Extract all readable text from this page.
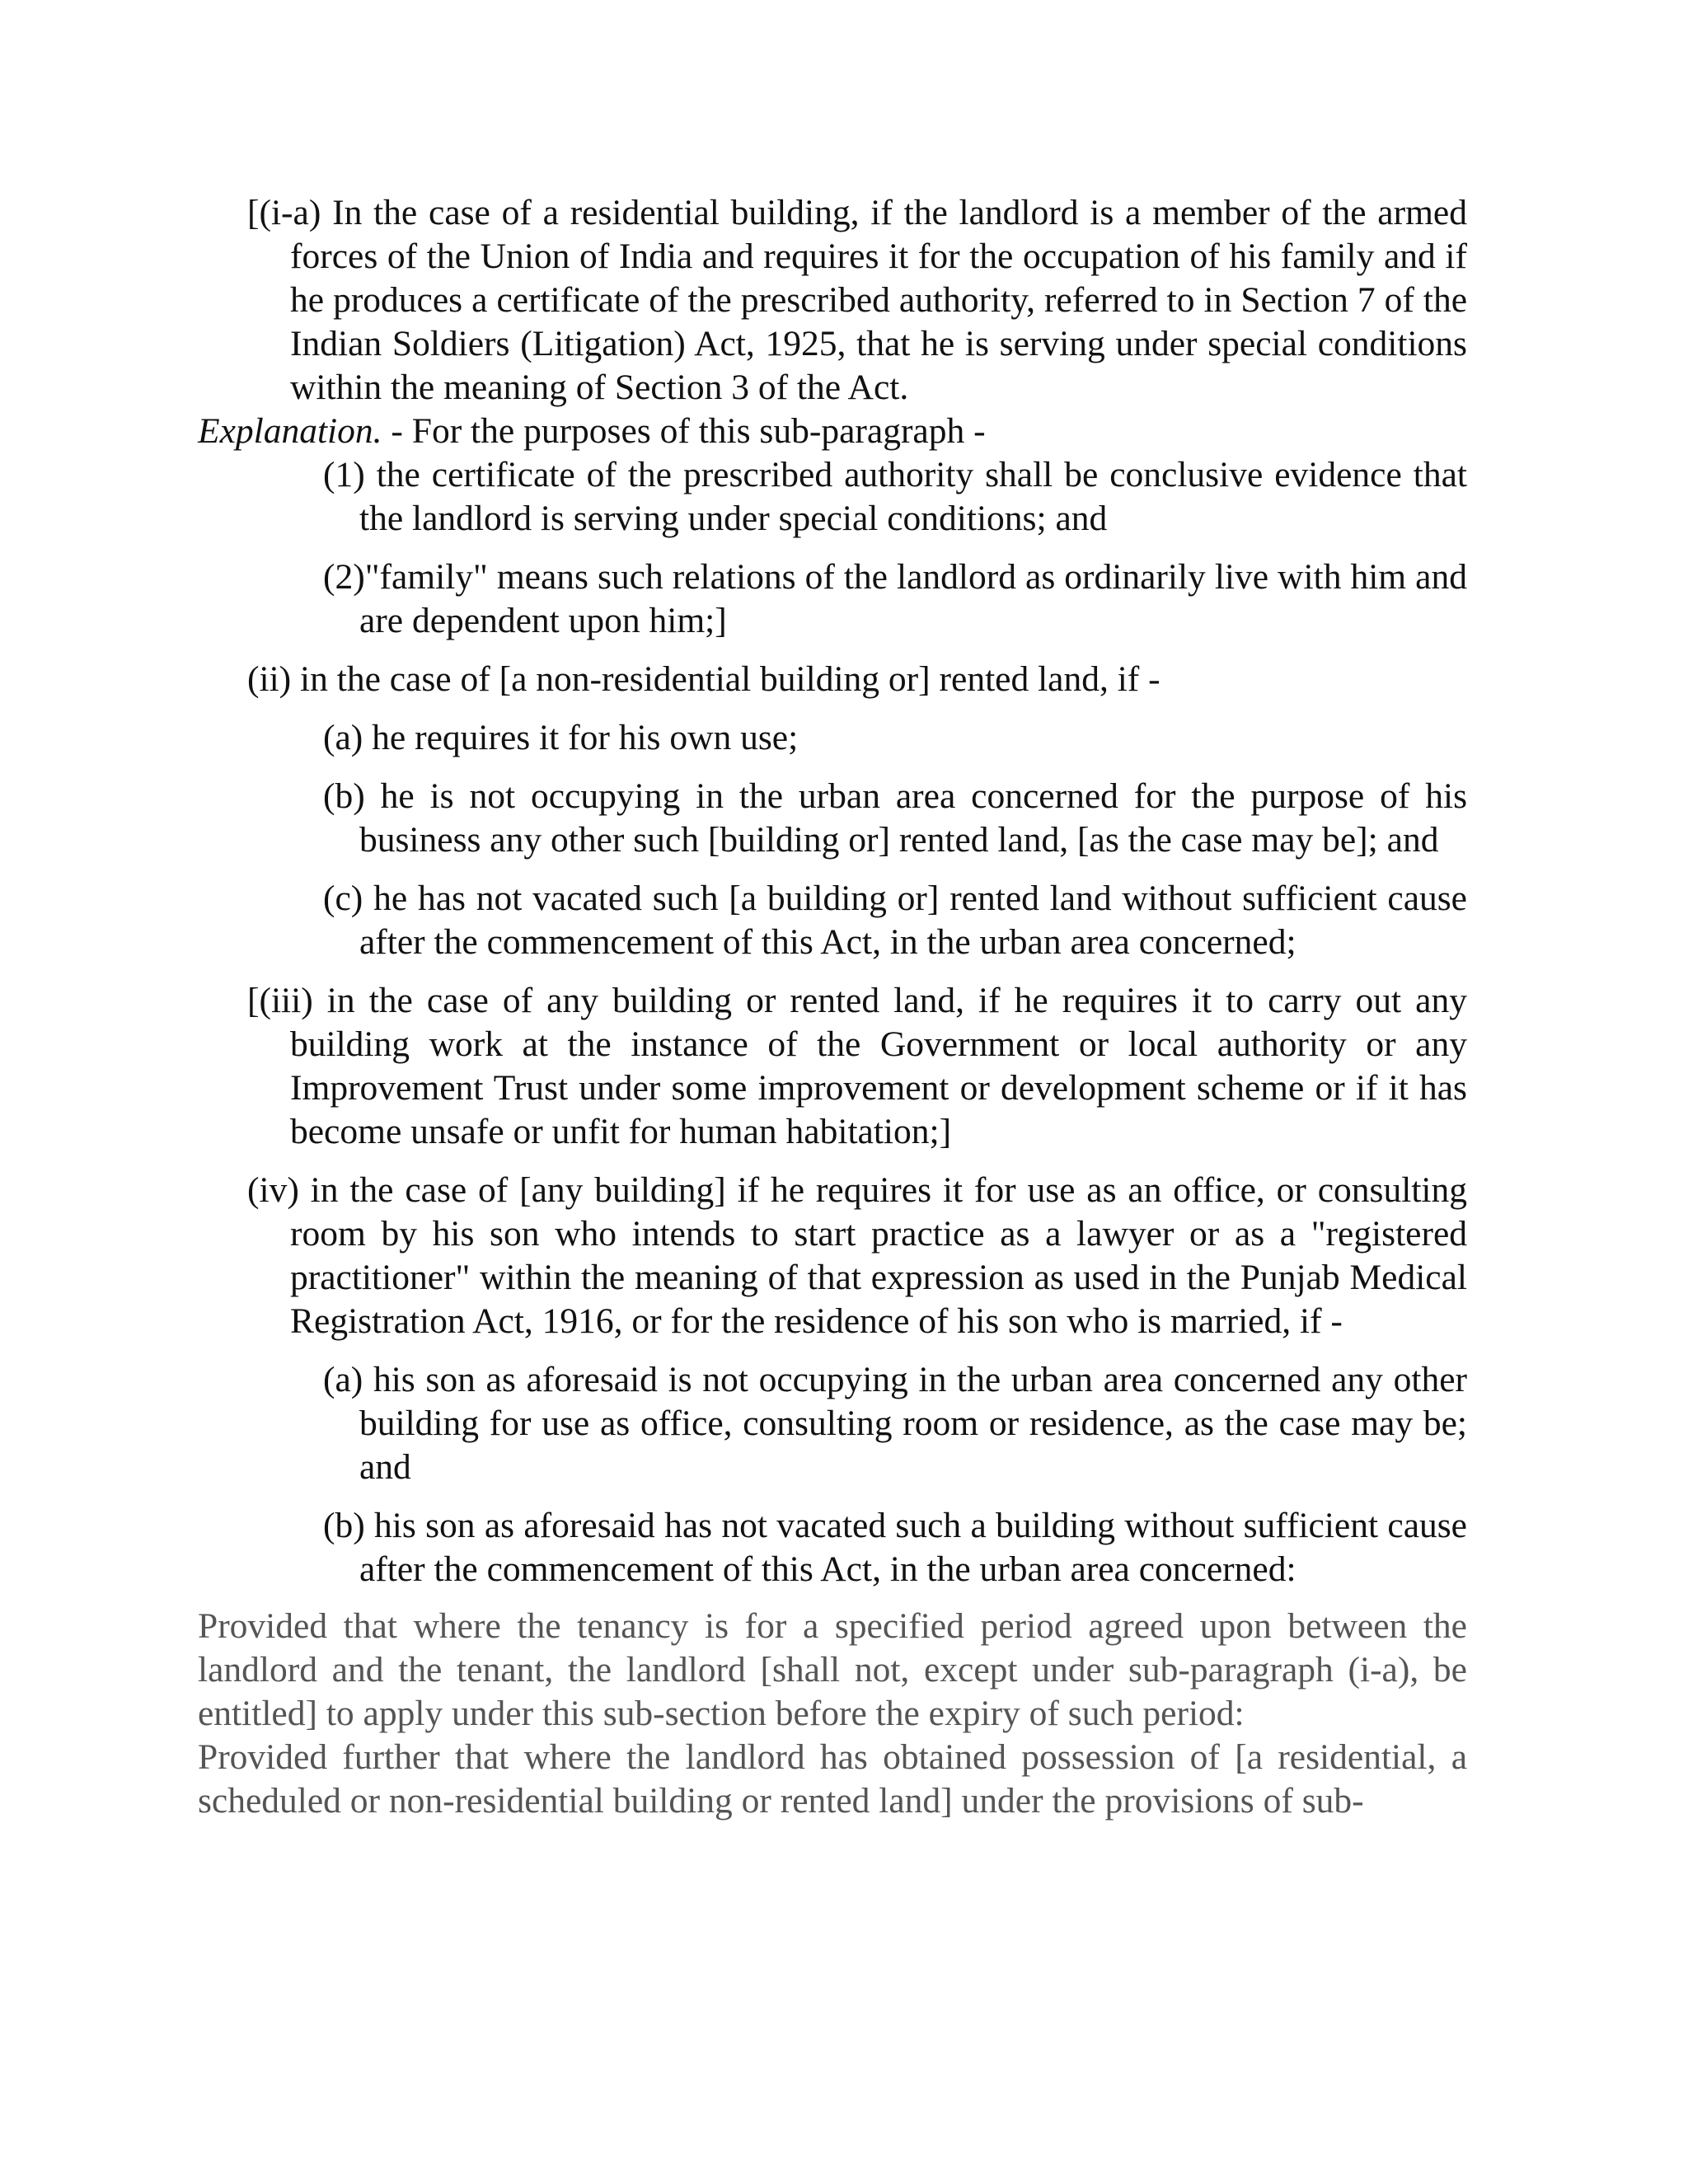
[(i-a) In the case of a residential building, if the landlord is a member of the armed forces of the Union of India and requires it for the occupation of his family and if he produces a certificate of the prescribed authority, referred to in Section 7 of the Indian Soldiers (Litigation) Act, 1925, that he is serving under special conditions within the meaning of Section 3 of the Act.

Explanation. - For the purposes of this sub-paragraph -

(1) the certificate of the prescribed authority shall be conclusive evidence that the landlord is serving under special conditions; and

(2)"family" means such relations of the landlord as ordinarily live with him and are dependent upon him;]

(ii) in the case of [a non-residential building or] rented land, if -

(a) he requires it for his own use;

(b) he is not occupying in the urban area concerned for the purpose of his business any other such [building or] rented land, [as the case may be]; and

(c) he has not vacated such [a building or] rented land without sufficient cause after the commencement of this Act, in the urban area concerned;

[(iii) in the case of any building or rented land, if he requires it to carry out any building work at the instance of the Government or local authority or any Improvement Trust under some improvement or development scheme or if it has become unsafe or unfit for human habitation;]

(iv) in the case of [any building] if he requires it for use as an office, or consulting room by his son who intends to start practice as a lawyer or as a "registered practitioner" within the meaning of that expression as used in the Punjab Medical Registration Act, 1916, or for the residence of his son who is married, if -

(a) his son as aforesaid is not occupying in the urban area concerned any other building for use as office, consulting room or residence, as the case may be; and

(b) his son as aforesaid has not vacated such a building without sufficient cause after the commencement of this Act, in the urban area concerned:

Provided that where the tenancy is for a specified period agreed upon between the landlord and the tenant, the landlord [shall not, except under sub-paragraph (i-a), be entitled] to apply under this sub-section before the expiry of such period:

Provided further that where the landlord has obtained possession of [a residential, a scheduled or non-residential building or rented land] under the provisions of sub-
